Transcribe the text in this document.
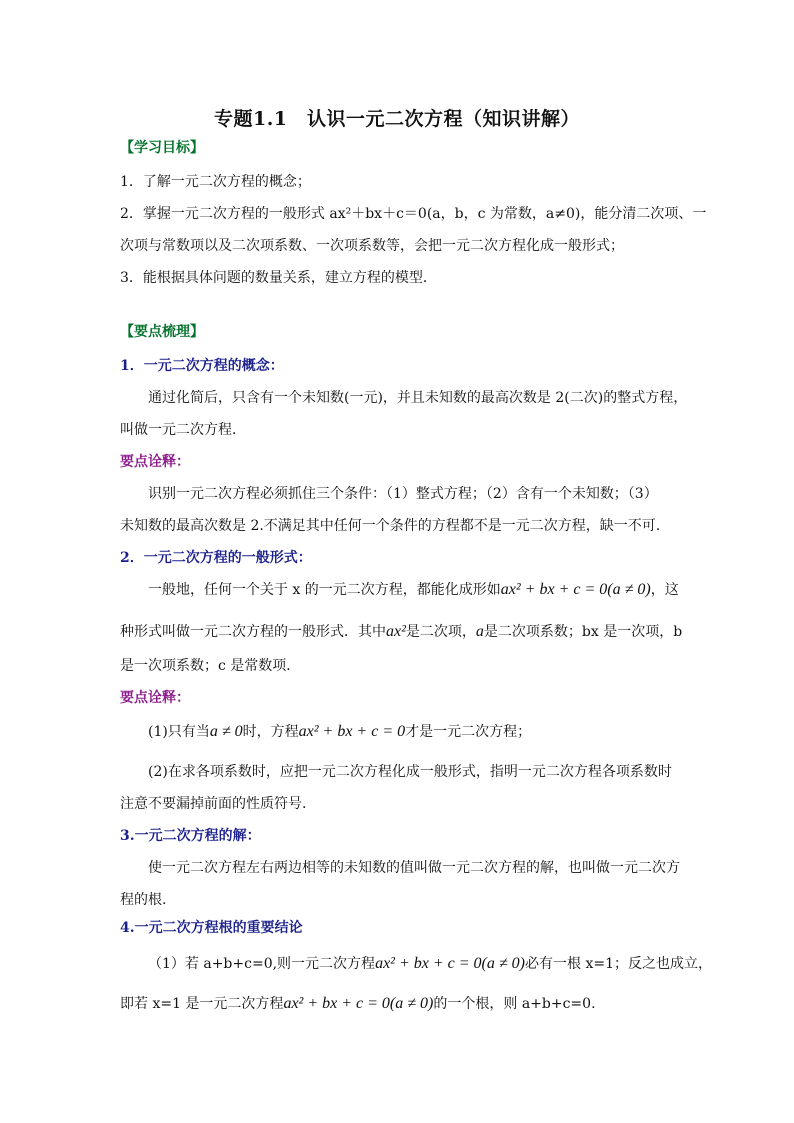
专题1.1　认识一元二次方程（知识讲解）
【学习目标】
1．了解一元二次方程的概念；
2．掌握一元二次方程的一般形式 ax²＋bx＋c＝0(a，b，c 为常数，a≠0)，能分清二次项、一
次项与常数项以及二次项系数、一次项系数等，会把一元二次方程化成一般形式；
3．能根据具体问题的数量关系，建立方程的模型．
【要点梳理】
1．一元二次方程的概念：
通过化简后，只含有一个未知数(一元)，并且未知数的最高次数是 2(二次)的整式方程，
叫做一元二次方程．
要点诠释：
识别一元二次方程必须抓住三个条件：（1）整式方程；（2）含有一个未知数；（3）
未知数的最高次数是 2.不满足其中任何一个条件的方程都不是一元二次方程，缺一不可.
2．一元二次方程的一般形式：
一般地，任何一个关于 x 的一元二次方程，都能化成形如ax² + bx + c = 0(a ≠ 0)，这
种形式叫做一元二次方程的一般形式．其中ax²是二次项，a是二次项系数；bx 是一次项，b
是一次项系数；c 是常数项．
要点诠释：
(1)只有当a ≠ 0时，方程ax² + bx + c = 0才是一元二次方程；
(2)在求各项系数时，应把一元二次方程化成一般形式，指明一元二次方程各项系数时
注意不要漏掉前面的性质符号.
3.一元二次方程的解：
使一元二次方程左右两边相等的未知数的值叫做一元二次方程的解，也叫做一元二次方
程的根.
4.一元二次方程根的重要结论
（1）若 a+b+c=0,则一元二次方程ax² + bx + c = 0(a ≠ 0)必有一根 x=1；反之也成立，
即若 x=1 是一元二次方程ax² + bx + c = 0(a ≠ 0)的一个根，则 a+b+c=0.
